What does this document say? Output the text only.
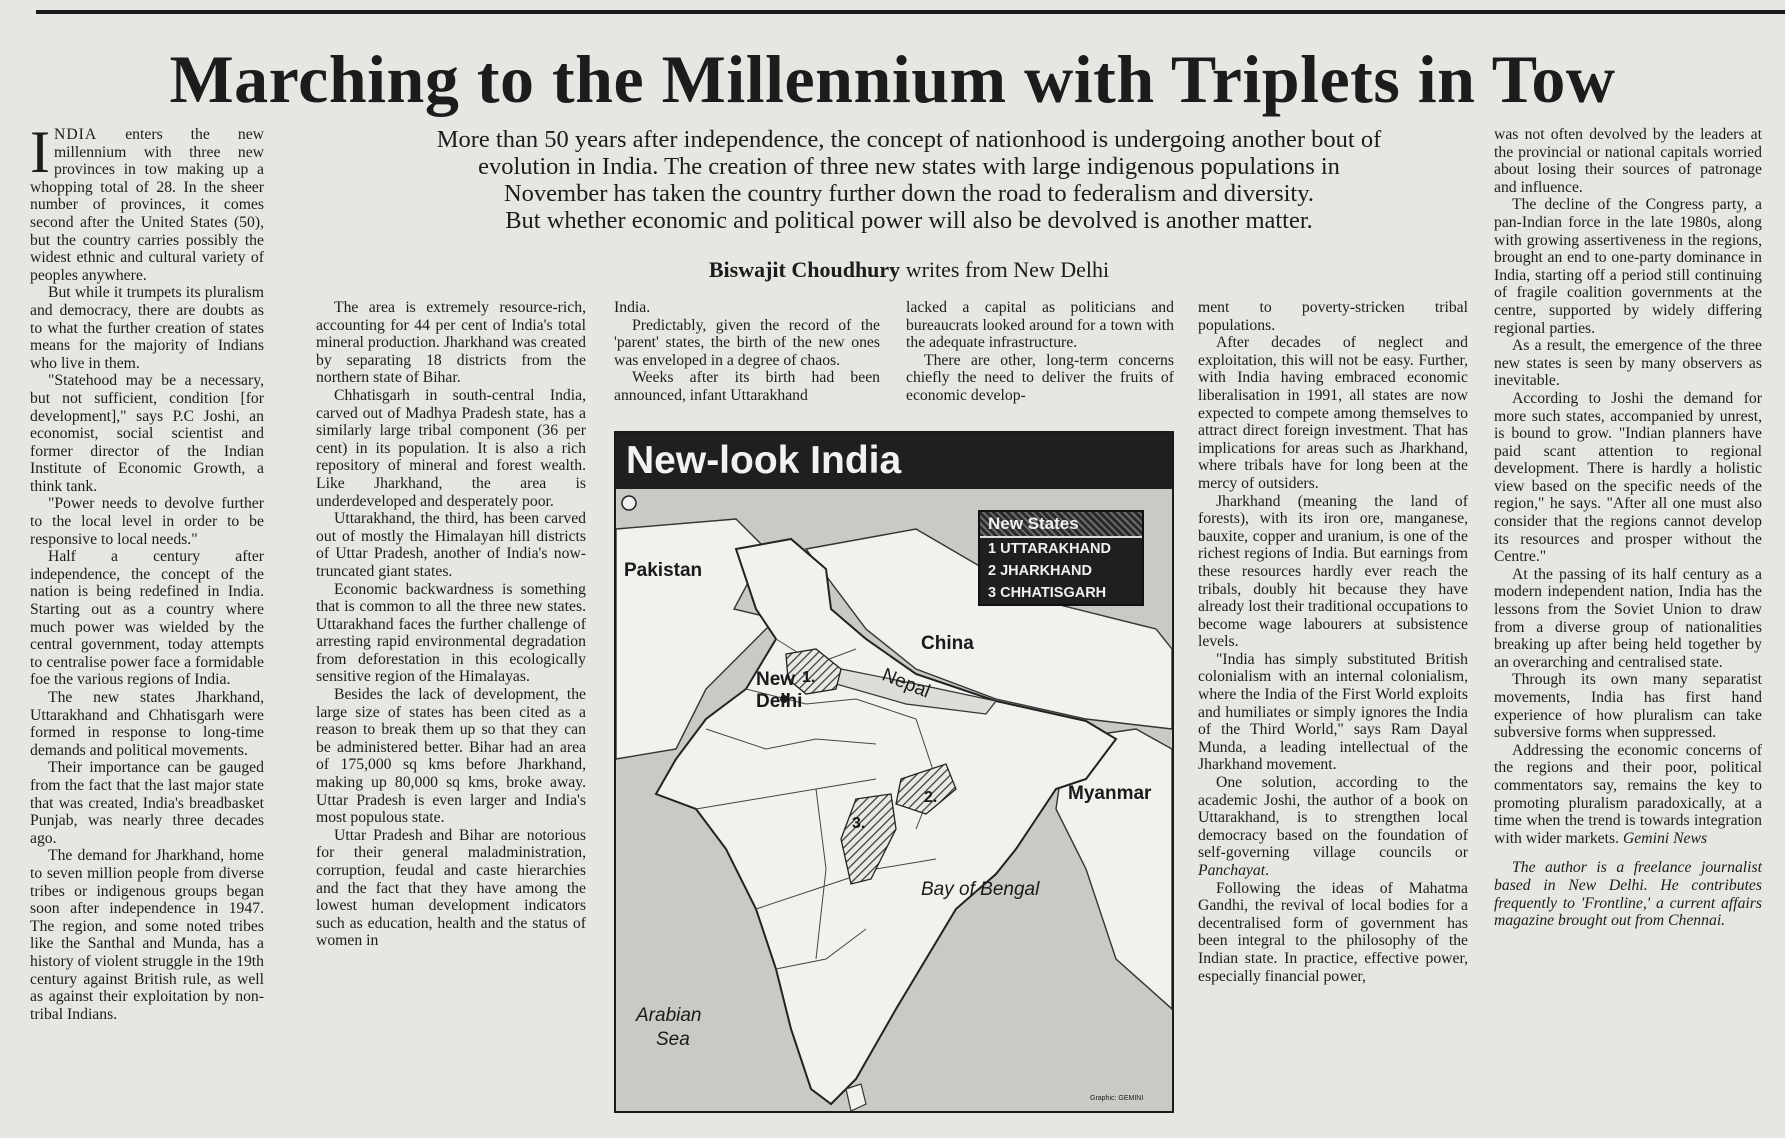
Marching to the Millennium with Triplets in Tow

INDIA enters the new millennium with three new provinces in tow making up a whopping total of 28. In the sheer number of provinces, it comes second after the United States (50), but the country carries possibly the widest ethnic and cultural variety of peoples anywhere.

But while it trumpets its pluralism and democracy, there are doubts as to what the further creation of states means for the majority of Indians who live in them.

"Statehood may be a necessary, but not sufficient, condition [for development]," says P.C Joshi, an economist, social scientist and former director of the Indian Institute of Economic Growth, a think tank.

"Power needs to devolve further to the local level in order to be responsive to local needs."

Half a century after independence, the concept of the nation is being redefined in India. Starting out as a country where much power was wielded by the central government, today attempts to centralise power face a formidable foe the various regions of India.

The new states Jharkhand, Uttarakhand and Chhatisgarh were formed in response to long-time demands and political movements.

Their importance can be gauged from the fact that the last major state that was created, India's breadbasket Punjab, was nearly three decades ago.

The demand for Jharkhand, home to seven million people from diverse tribes or indigenous groups began soon after independence in 1947. The region, and some noted tribes like the Santhal and Munda, has a history of violent struggle in the 19th century against British rule, as well as against their exploitation by non-tribal Indians.

More than 50 years after independence, the concept of nationhood is undergoing another bout of
evolution in India. The creation of three new states with large indigenous populations in
November has taken the country further down the road to federalism and diversity.
But whether economic and political power will also be devolved is another matter.
Biswajit Choudhury writes from New Delhi

The area is extremely resource-rich, accounting for 44 per cent of India's total mineral production. Jharkhand was created by separating 18 districts from the northern state of Bihar.

Chhatisgarh in south-central India, carved out of Madhya Pradesh state, has a similarly large tribal component (36 per cent) in its population. It is also a rich repository of mineral and forest wealth. Like Jharkhand, the area is underdeveloped and desperately poor.

Uttarakhand, the third, has been carved out of mostly the Himalayan hill districts of Uttar Pradesh, another of India's now-truncated giant states.

Economic backwardness is something that is common to all the three new states. Uttarakhand faces the further challenge of arresting rapid environmental degradation from deforestation in this ecologically sensitive region of the Himalayas.

Besides the lack of development, the large size of states has been cited as a reason to break them up so that they can be administered better. Bihar had an area of 175,000 sq kms before Jharkhand, making up 80,000 sq kms, broke away. Uttar Pradesh is even larger and India's most populous state.

Uttar Pradesh and Bihar are notorious for their general maladministration, corruption, feudal and caste hierarchies and the fact that they have among the lowest human development indicators such as education, health and the status of women in

India.

Predictably, given the record of the 'parent' states, the birth of the new ones was enveloped in a degree of chaos.

Weeks after its birth had been announced, infant Uttarakhand

lacked a capital as politicians and bureaucrats looked around for a town with the adequate infrastructure.

There are other, long-term concerns chiefly the need to deliver the fruits of economic develop-

New-look India
New States
1 UTTARAKHAND
2 JHARKHAND
3 CHHATISGARH
Pakistan
China
Nepal
New
Delhi
Myanmar
Bay of Bengal
Arabian
Sea
1.
2.
3.
Graphic: GEMINI

ment to poverty-stricken tribal populations.

After decades of neglect and exploitation, this will not be easy. Further, with India having embraced economic liberalisation in 1991, all states are now expected to compete among themselves to attract direct foreign investment. That has implications for areas such as Jharkhand, where tribals have for long been at the mercy of outsiders.

Jharkhand (meaning the land of forests), with its iron ore, manganese, bauxite, copper and uranium, is one of the richest regions of India. But earnings from these resources hardly ever reach the tribals, doubly hit because they have already lost their traditional occupations to become wage labourers at subsistence levels.

"India has simply substituted British colonialism with an internal colonialism, where the India of the First World exploits and humiliates or simply ignores the India of the Third World," says Ram Dayal Munda, a leading intellectual of the Jharkhand movement.

One solution, according to the academic Joshi, the author of a book on Uttarakhand, is to strengthen local democracy based on the foundation of self-governing village councils or Panchayat.

Following the ideas of Mahatma Gandhi, the revival of local bodies for a decentralised form of government has been integral to the philosophy of the Indian state. In practice, effective power, especially financial power,

was not often devolved by the leaders at the provincial or national capitals worried about losing their sources of patronage and influence.

The decline of the Congress party, a pan-Indian force in the late 1980s, along with growing assertiveness in the regions, brought an end to one-party dominance in India, starting off a period still continuing of fragile coalition governments at the centre, supported by widely differing regional parties.

As a result, the emergence of the three new states is seen by many observers as inevitable.

According to Joshi the demand for more such states, accompanied by unrest, is bound to grow. "Indian planners have paid scant attention to regional development. There is hardly a holistic view based on the specific needs of the region," he says. "After all one must also consider that the regions cannot develop its resources and prosper without the Centre."

At the passing of its half century as a modern independent nation, India has the lessons from the Soviet Union to draw from a diverse group of nationalities breaking up after being held together by an overarching and centralised state.

Through its own many separatist movements, India has first hand experience of how pluralism can take subversive forms when suppressed.

Addressing the economic concerns of the regions and their poor, political commentators say, remains the key to promoting pluralism paradoxically, at a time when the trend is towards integration with wider markets. Gemini News

The author is a freelance journalist based in New Delhi. He contributes frequently to 'Frontline,' a current affairs magazine brought out from Chennai.
